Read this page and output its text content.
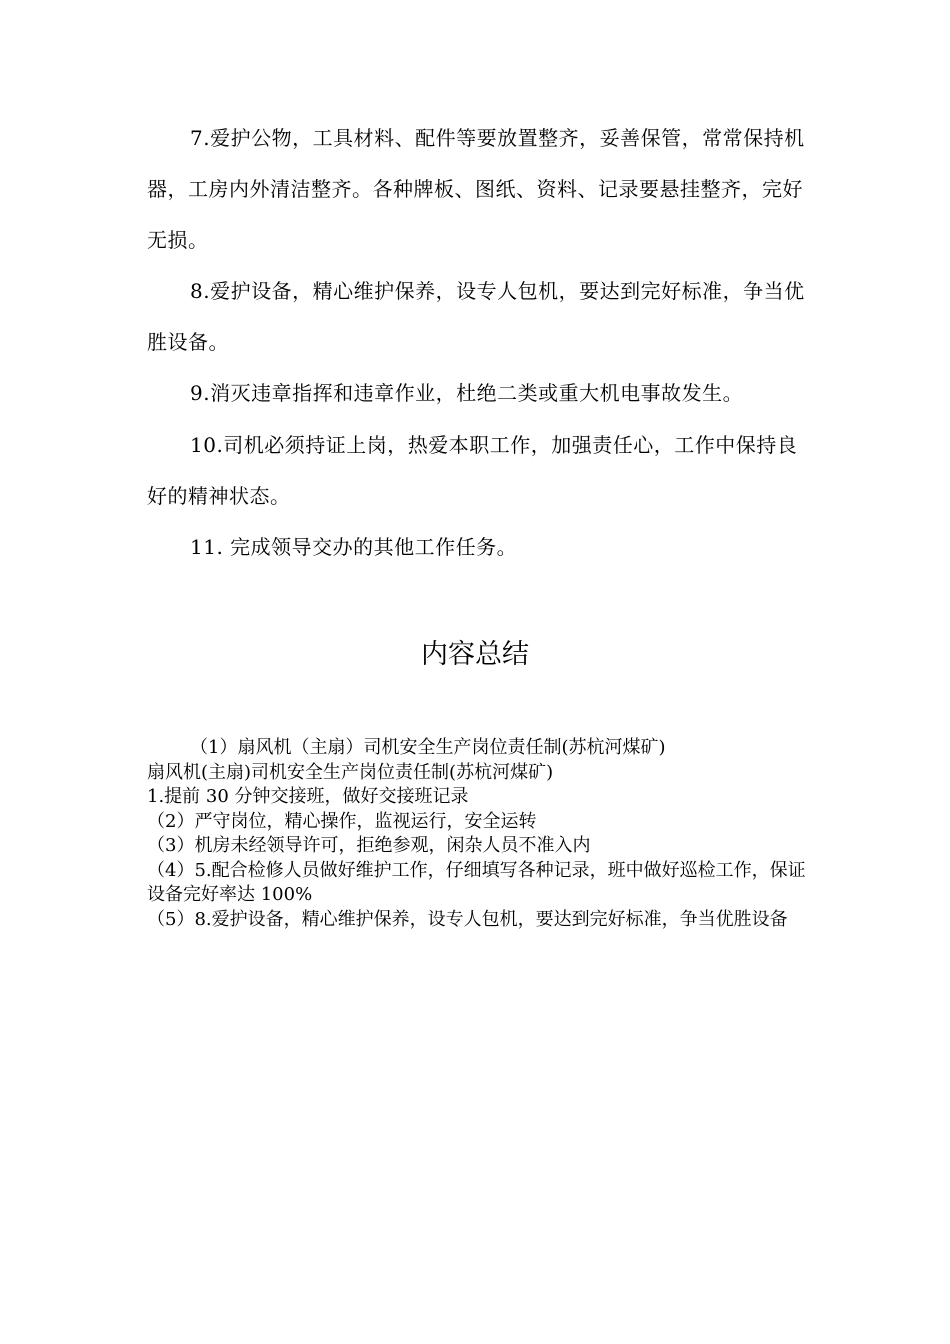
7.爱护公物，工具材料、配件等要放置整齐，妥善保管，常常保持机器，工房内外清洁整齐。各种牌板、图纸、资料、记录要悬挂整齐，完好无损。

8.爱护设备，精心维护保养，设专人包机，要达到完好标准，争当优胜设备。

9.消灭违章指挥和违章作业，杜绝二类或重大机电事故发生。

10.司机必须持证上岗，热爱本职工作，加强责任心，工作中保持良好的精神状态。

11. 完成领导交办的其他工作任务。

内容总结

（1）扇风机（主扇）司机安全生产岗位责任制(苏杭河煤矿)

扇风机(主扇)司机安全生产岗位责任制(苏杭河煤矿)

1.提前 30 分钟交接班，做好交接班记录

（2）严守岗位，精心操作，监视运行，安全运转

（3）机房未经领导许可，拒绝参观，闲杂人员不准入内

（4）5.配合检修人员做好维护工作，仔细填写各种记录，班中做好巡检工作，保证设备完好率达 100%

（5）8.爱护设备，精心维护保养，设专人包机，要达到完好标准，争当优胜设备
